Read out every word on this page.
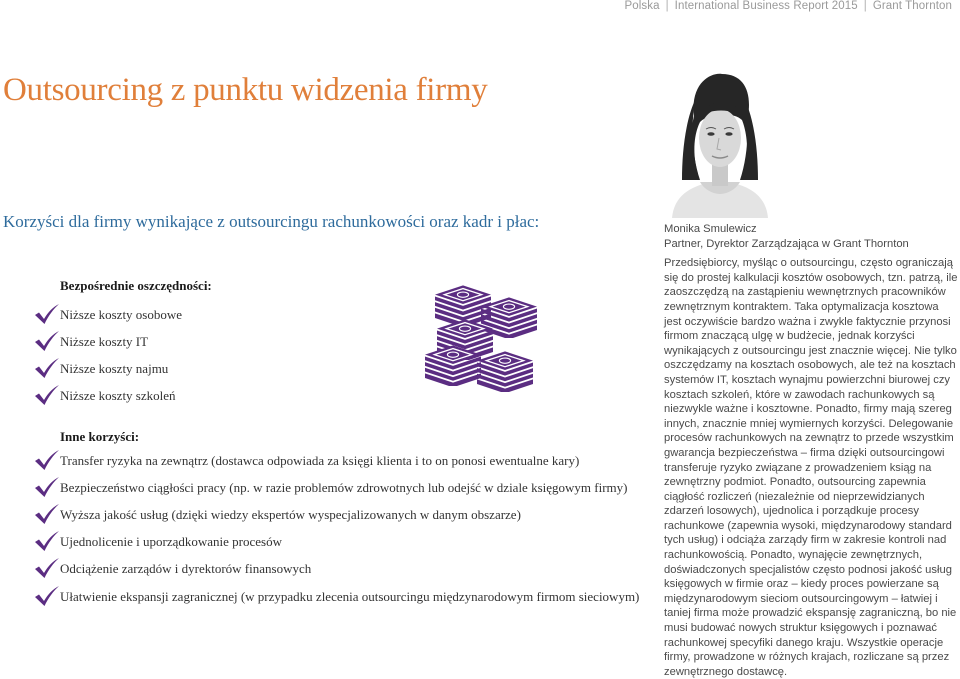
Polska | International Business Report 2015 | Grant Thornton
Outsourcing z punktu widzenia firmy
Korzyści dla firmy wynikające z outsourcingu rachunkowości oraz kadr i płac:
Bezpośrednie oszczędności:
Niższe koszty osobowe
Niższe koszty IT
Niższe koszty najmu
Niższe koszty szkoleń
Inne korzyści:
Transfer ryzyka na zewnątrz (dostawca odpowiada za księgi klienta i to on ponosi ewentualne kary)
Bezpieczeństwo ciągłości pracy (np. w razie problemów zdrowotnych lub odejść w dziale księgowym firmy)
Wyższa jakość usług (dzięki wiedzy ekspertów wyspecjalizowanych w danym obszarze)
Ujednolicenie i uporządkowanie procesów
Odciążenie zarządów i dyrektorów finansowych
Ułatwienie ekspansji zagranicznej (w przypadku zlecenia outsourcingu międzynarodowym firmom sieciowym)
Monika Smulewicz
Partner, Dyrektor Zarządzająca w Grant Thornton
Przedsiębiorcy, myśląc o outsourcingu, często ograniczają się do prostej kalkulacji kosztów osobowych, tzn. patrzą, ile zaoszczędzą na zastąpieniu wewnętrznych pracowników zewnętrznym kontraktem. Taka optymalizacja kosztowa jest oczywiście bardzo ważna i zwykle faktycznie przynosi firmom znaczącą ulgę w budżecie, jednak korzyści wynikających z outsourcingu jest znacznie więcej. Nie tylko oszczędzamy na kosztach osobowych, ale też na kosztach systemów IT, kosztach wynajmu powierzchni biurowej czy kosztach szkoleń, które w zawodach rachunkowych są niezwykle ważne i kosztowne. Ponadto, firmy mają szereg innych, znacznie mniej wymiernych korzyści. Delegowanie procesów rachunkowych na zewnątrz to przede wszystkim gwarancja bezpieczeństwa – firma dzięki outsourcingowi transferuje ryzyko związane z prowadzeniem ksiąg na zewnętrzny podmiot. Ponadto, outsourcing zapewnia ciągłość rozliczeń (niezależnie od nieprzewidzianych zdarzeń losowych), ujednolica i porządkuje procesy rachunkowe (zapewnia wysoki, międzynarodowy standard tych usług) i odciąża zarządy firm w zakresie kontroli nad rachunkowością. Ponadto, wynajęcie zewnętrznych, doświadczonych specjalistów często podnosi jakość usług księgowych w firmie oraz – kiedy proces powierzane są międzynarodowym sieciom outsourcingowym – łatwiej i taniej firma może prowadzić ekspansję zagraniczną, bo nie musi budować nowych struktur księgowych i poznawać rachunkowej specyfiki danego kraju. Wszystkie operacje firmy, prowadzone w różnych krajach, rozliczane są przez zewnętrznego dostawcę.
